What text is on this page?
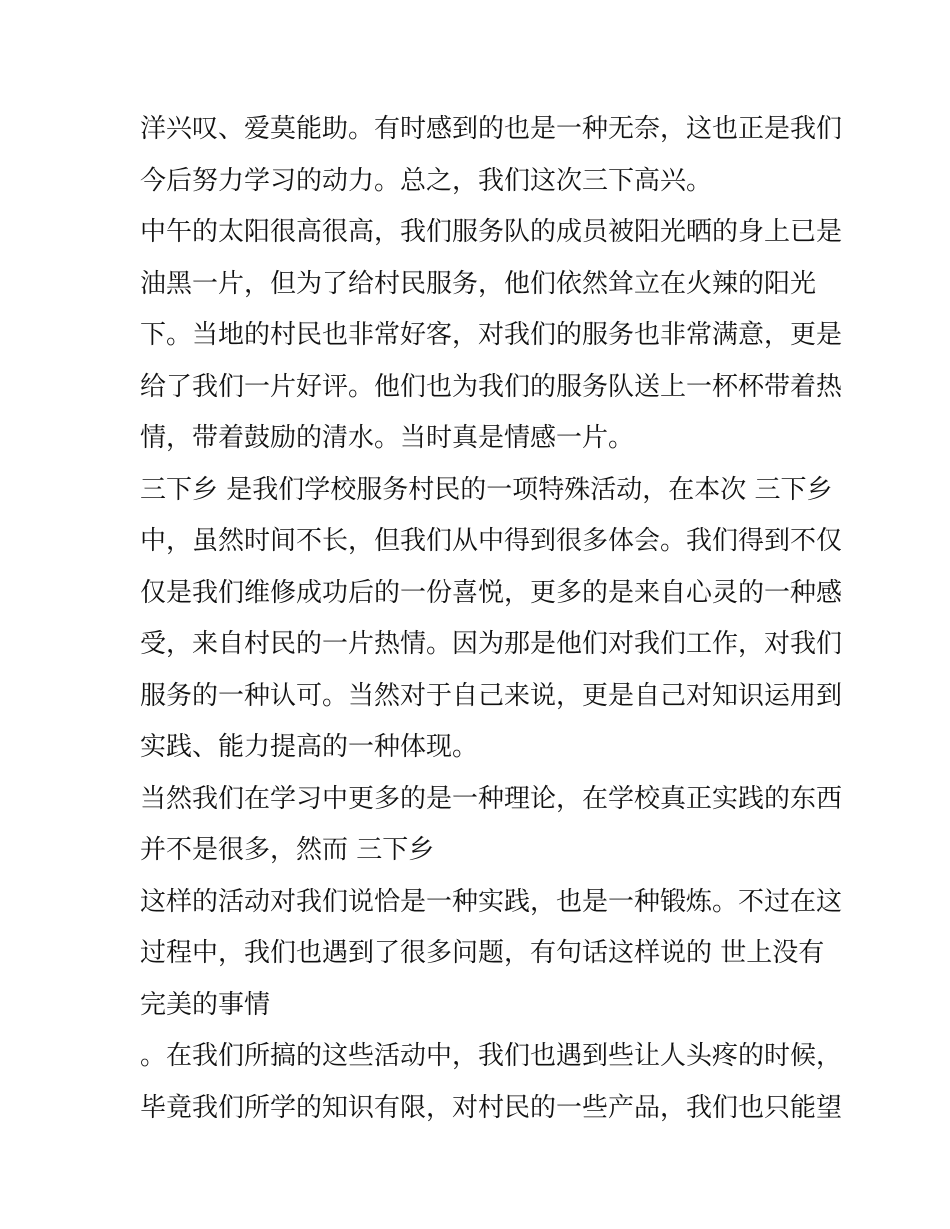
洋兴叹、爱莫能助。有时感到的也是一种无奈，这也正是我们
今后努力学习的动力。总之，我们这次三下高兴。
中午的太阳很高很高，我们服务队的成员被阳光晒的身上已是
油黑一片，但为了给村民服务，他们依然耸立在火辣的阳光
下。当地的村民也非常好客，对我们的服务也非常满意，更是
给了我们一片好评。他们也为我们的服务队送上一杯杯带着热
情，带着鼓励的清水。当时真是情感一片。
三下乡 是我们学校服务村民的一项特殊活动，在本次 三下乡
中，虽然时间不长，但我们从中得到很多体会。我们得到不仅
仅是我们维修成功后的一份喜悦，更多的是来自心灵的一种感
受，来自村民的一片热情。因为那是他们对我们工作，对我们
服务的一种认可。当然对于自己来说，更是自己对知识运用到
实践、能力提高的一种体现。
当然我们在学习中更多的是一种理论，在学校真正实践的东西
并不是很多，然而 三下乡
这样的活动对我们说恰是一种实践，也是一种锻炼。不过在这
过程中，我们也遇到了很多问题，有句话这样说的 世上没有
完美的事情
。在我们所搞的这些活动中，我们也遇到些让人头疼的时候，
毕竟我们所学的知识有限，对村民的一些产品，我们也只能望
